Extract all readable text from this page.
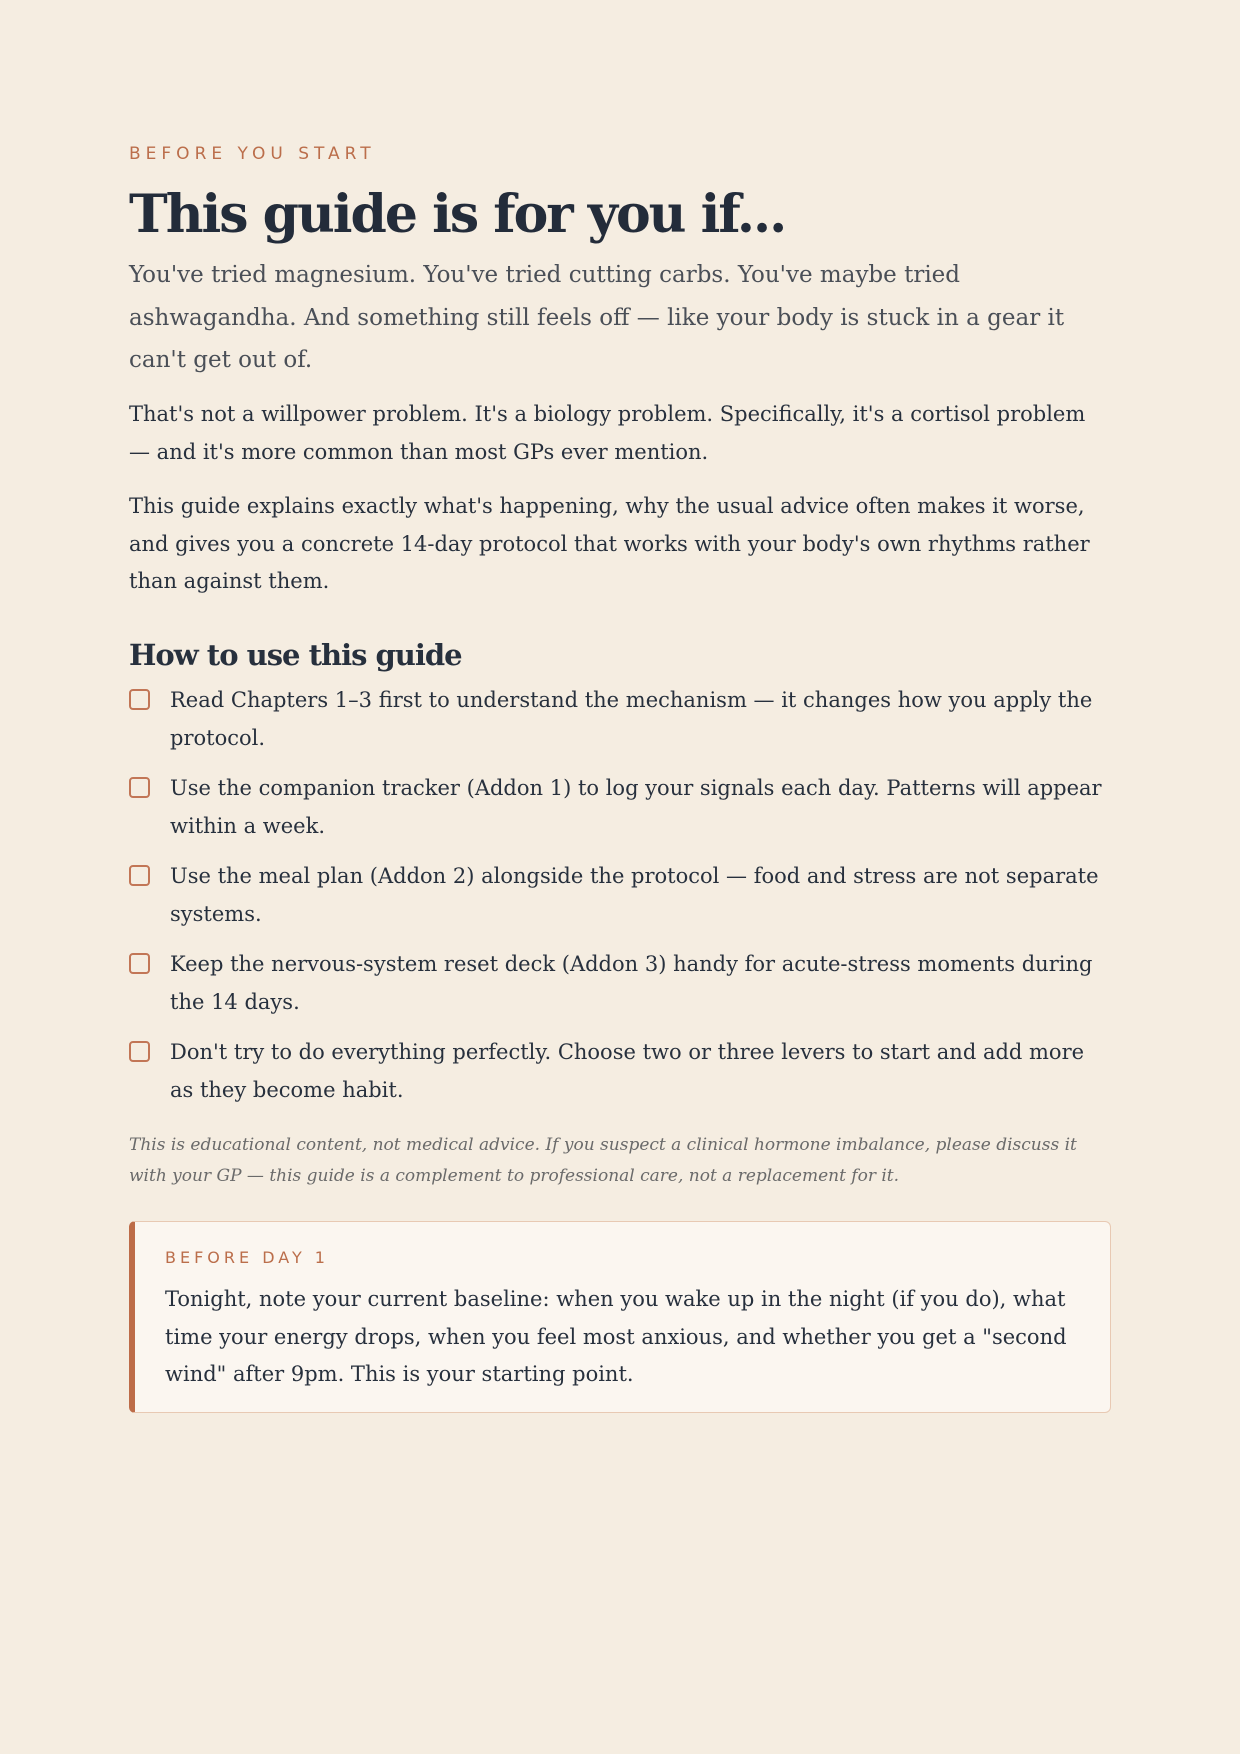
BEFORE YOU START
This guide is for you if...

You've tried magnesium. You've tried cutting carbs. You've maybe tried ashwagandha. And something still feels off — like your body is stuck in a gear it can't get out of.

That's not a willpower problem. It's a biology problem. Specifically, it's a cortisol problem — and it's more common than most GPs ever mention.

This guide explains exactly what's happening, why the usual advice often makes it worse, and gives you a concrete 14-day protocol that works with your body's own rhythms rather than against them.

How to use this guide
Read Chapters 1–3 first to understand the mechanism — it changes how you apply the protocol.
Use the companion tracker (Addon 1) to log your signals each day. Patterns will appear within a week.
Use the meal plan (Addon 2) alongside the protocol — food and stress are not separate systems.
Keep the nervous-system reset deck (Addon 3) handy for acute-stress moments during the 14 days.
Don't try to do everything perfectly. Choose two or three levers to start and add more as they become habit.

This is educational content, not medical advice. If you suspect a clinical hormone imbalance, please discuss it with your GP — this guide is a complement to professional care, not a replacement for it.

BEFORE DAY 1

Tonight, note your current baseline: when you wake up in the night (if you do), what time your energy drops, when you feel most anxious, and whether you get a "second wind" after 9pm. This is your starting point.
